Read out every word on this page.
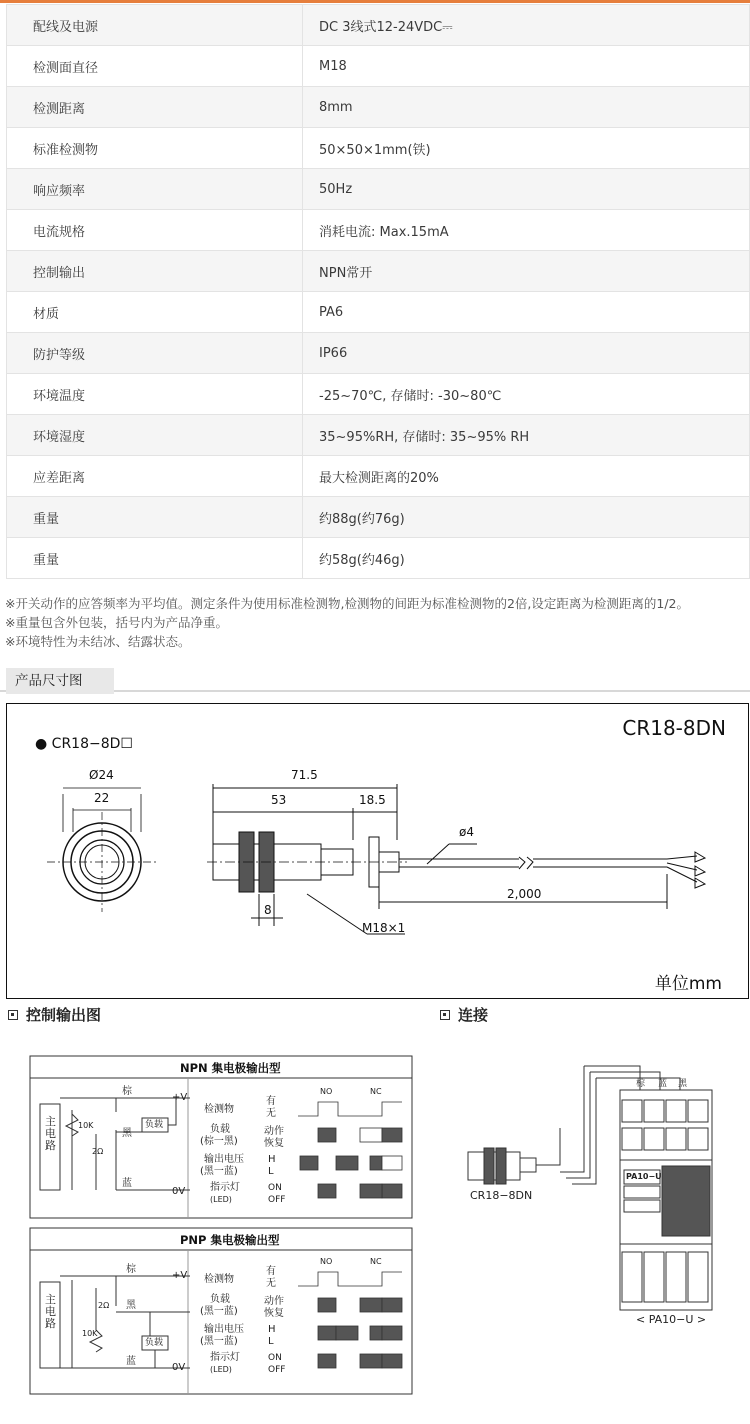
配线及电源	DC 3线式12-24VDC⎓
检测面直径	M18
检测距离	8mm
标准检测物	50×50×1mm(铁)
响应频率	50Hz
电流规格	消耗电流: Max.15mA
控制输出	NPN常开
材质	PA6
防护等级	IP66
环境温度	-25~70℃, 存储时: -30~80℃
环境湿度	35~95%RH, 存储时: 35~95% RH
应差距离	最大检测距离的20%
重量	约88g(约76g)
重量	约58g(约46g)
※开关动作的应答频率为平均值。测定条件为使用标准检测物,检测物的间距为标准检测物的2倍,设定距离为检测距离的1/2。
※重量包含外包装，括号内为产品净重。
※环境特性为未结冰、结露状态。
产品尺寸图
CR18-8DN
单位mm
● CR18−8D☐
Ø24
22
71.5
53	18.5
ø4
2,000
8
M18×1
控制输出图	连接
NPN 集电极输出型
主电路
棕
黑
蓝
+V
0V
10K
2Ω
负载
NO	NC
检测物
有
无
负载
(棕一黑)
动作
恢复
输出电压
(黑一蓝)
H
L
指示灯
(LED)
ON
OFF
PNP 集电极输出型
主电路
棕
黑
蓝
+V
0V
10K
2Ω
负载
NO	NC
检测物
有
无
负载
(黑一蓝)
动作
恢复
输出电压
(黑一蓝)
H
L
指示灯
(LED)
ON
OFF
CR18−8DN
< PA10−U >
PA10−U
棕 蓝 黑
